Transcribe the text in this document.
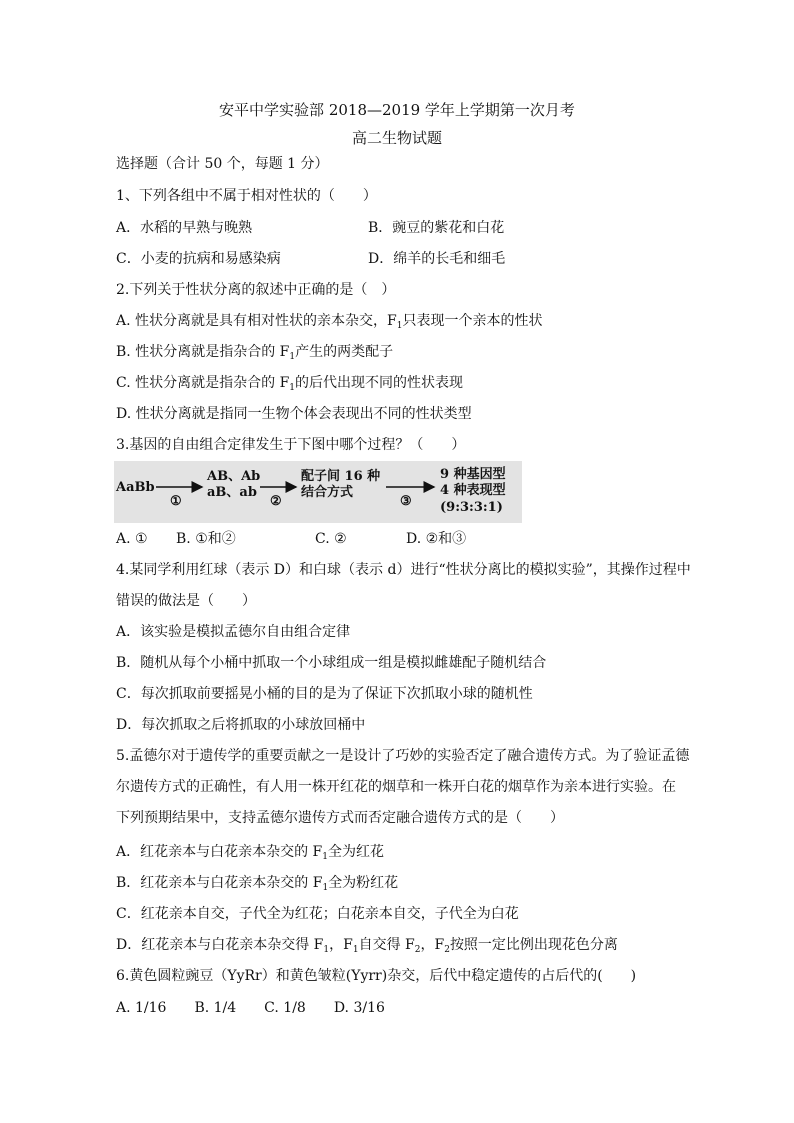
安平中学实验部 2018—2019 学年上学期第一次月考
高二生物试题
选择题（合计 50 个，每题 1 分）
1、下列各组中不属于相对性状的（　　）
A．水稻的早熟与晚熟	B．豌豆的紫花和白花
C．小麦的抗病和易感染病	D．绵羊的长毛和细毛
2.下列关于性状分离的叙述中正确的是（　）
A. 性状分离就是具有相对性状的亲本杂交，$F_1$只表现一个亲本的性状
B. 性状分离就是指杂合的 $F_1$产生的两类配子
C. 性状分离就是指杂合的 $F_1$的后代出现不同的性状表现
D. 性状分离就是指同一生物个体会表现出不同的性状类型
3.基因的自由组合定律发生于下图中哪个过程？（　　）
AaBb
①
AB、Ab
aB、ab
②
配子间 16 种
结合方式
③
9 种基因型
4 种表现型
(9:3:3:1)
A. ① B. ①和②	C. ②	D. ②和③
4.某同学利用红球（表示 D）和白球（表示 d）进行“性状分离比的模拟实验”，其操作过程中
错误的做法是（　　）
A．该实验是模拟孟德尔自由组合定律
B．随机从每个小桶中抓取一个小球组成一组是模拟雌雄配子随机结合
C．每次抓取前要摇晃小桶的目的是为了保证下次抓取小球的随机性
D．每次抓取之后将抓取的小球放回桶中
5.孟德尔对于遗传学的重要贡献之一是设计了巧妙的实验否定了融合遗传方式。为了验证孟德
尔遗传方式的正确性，有人用一株开红花的烟草和一株开白花的烟草作为亲本进行实验。在
下列预期结果中，支持孟德尔遗传方式而否定融合遗传方式的是（　　）
A．红花亲本与白花亲本杂交的 $F_1$全为红花
B．红花亲本与白花亲本杂交的 $F_1$全为粉红花
C．红花亲本自交，子代全为红花；白花亲本自交，子代全为白花
D．红花亲本与白花亲本杂交得 $F_1$，$F_1$自交得 $F_2$，$F_2$按照一定比例出现花色分离
6.黄色圆粒豌豆（YyRr）和黄色皱粒(Yyrr)杂交，后代中稳定遗传的占后代的(　　)
A. 1/16　　B. 1/4　　C. 1/8　　D. 3/16
